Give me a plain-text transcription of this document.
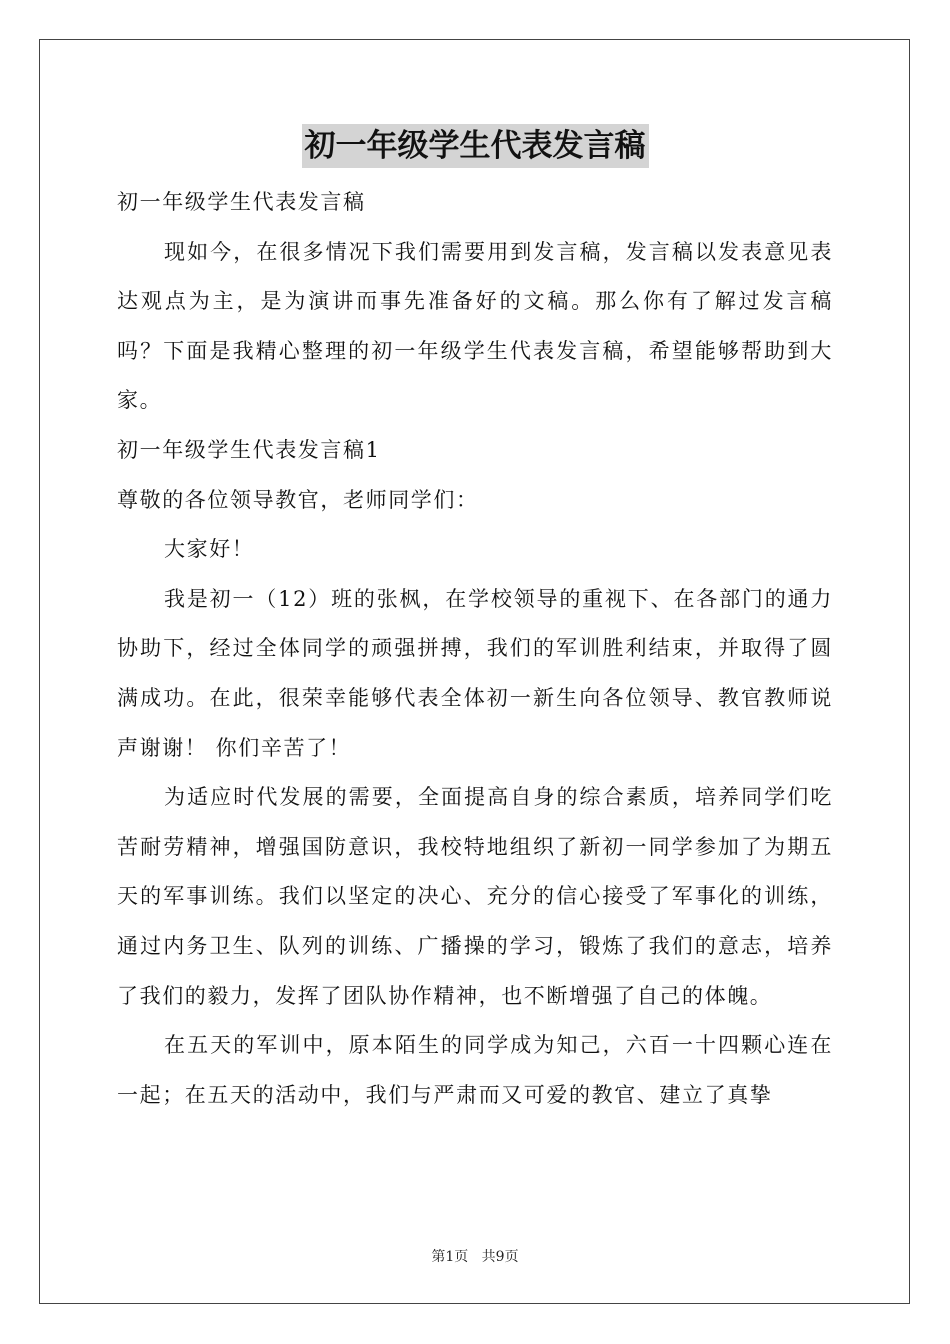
初一年级学生代表发言稿

初一年级学生代表发言稿

现如今，在很多情况下我们需要用到发言稿，发言稿以发表意见表达观点为主，是为演讲而事先准备好的文稿。那么你有了解过发言稿吗？下面是我精心整理的初一年级学生代表发言稿，希望能够帮助到大家。

初一年级学生代表发言稿1

尊敬的各位领导教官，老师同学们：

大家好！

我是初一（12）班的张枫，在学校领导的重视下、在各部门的通力协助下，经过全体同学的顽强拼搏，我们的军训胜利结束，并取得了圆满成功。在此，很荣幸能够代表全体初一新生向各位领导、教官教师说声谢谢！ 你们辛苦了！

为适应时代发展的需要，全面提高自身的综合素质，培养同学们吃苦耐劳精神，增强国防意识，我校特地组织了新初一同学参加了为期五天的军事训练。我们以坚定的决心、充分的信心接受了军事化的训练，通过内务卫生、队列的训练、广播操的学习，锻炼了我们的意志，培养了我们的毅力，发挥了团队协作精神，也不断增强了自己的体魄。

在五天的军训中，原本陌生的同学成为知己，六百一十四颗心连在一起；在五天的活动中，我们与严肃而又可爱的教官、建立了真挚

第1页 共9页
